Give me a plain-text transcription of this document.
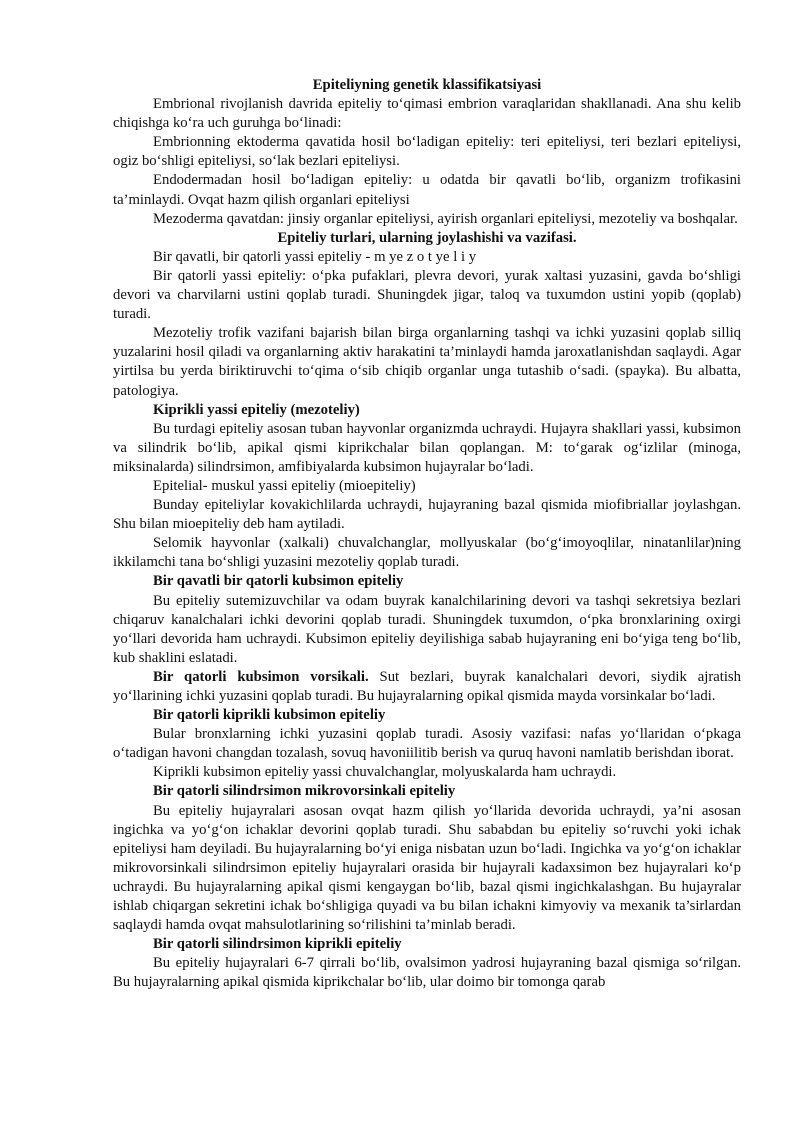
Epiteliyning genetik klassifikatsiyasi

Embrional rivojlanish davrida epiteliy to‘qimasi embrion varaqlaridan shakllanadi. Ana shu kelib chiqishga ko‘ra uch guruhga bo‘linadi:

Embrionning ektoderma qavatida hosil bo‘ladigan epiteliy: teri epiteliysi, teri bezlari epiteliysi, ogiz bo‘shligi epiteliysi, so‘lak bezlari epiteliysi.

Endodermadan hosil bo‘ladigan epiteliy: u odatda bir qavatli bo‘lib, organizm trofikasini ta’minlaydi. Ovqat hazm qilish organlari epiteliysi

Mezoderma qavatdan: jinsiy organlar epiteliysi, ayirish organlari epiteliysi, mezoteliy va boshqalar.

Epiteliy turlari, ularning joylashishi va vazifasi.

Bir qavatli, bir qatorli yassi epiteliy - m ye z o t ye l i y

Bir qatorli yassi epiteliy: o‘pka pufaklari, plevra devori, yurak xaltasi yuzasini, gavda bo‘shligi devori va charvilarni ustini qoplab turadi. Shuningdek jigar, taloq va tuxumdon ustini yopib (qoplab) turadi.

Mezoteliy trofik vazifani bajarish bilan birga organlarning tashqi va ichki yuzasini qoplab silliq yuzalarini hosil qiladi va organlarning aktiv harakatini ta’minlaydi hamda jaroxatlanishdan saqlaydi. Agar yirtilsa bu yerda biriktiruvchi to‘qima o‘sib chiqib organlar unga tutashib o‘sadi. (spayka). Bu albatta, patologiya.

Kiprikli yassi epiteliy (mezoteliy)

Bu turdagi epiteliy asosan tuban hayvonlar organizmda uchraydi. Hujayra shakllari yassi, kubsimon va silindrik bo‘lib, apikal qismi kiprikchalar bilan qoplangan. M: to‘garak og‘izlilar (minoga, miksinalarda) silindrsimon, amfibiyalarda kubsimon hujayralar bo‘ladi.

Epitelial- muskul yassi epiteliy (mioepiteliy)

Bunday epiteliylar kovakichlilarda uchraydi, hujayraning bazal qismida miofibriallar joylashgan. Shu bilan mioepiteliy deb ham aytiladi.

Selomik hayvonlar (xalkali) chuvalchanglar, mollyuskalar (bo‘g‘imoyoqlilar, ninatanlilar)ning ikkilamchi tana bo‘shligi yuzasini mezoteliy qoplab turadi.

Bir qavatli bir qatorli kubsimon epiteliy

Bu epiteliy sutemizuvchilar va odam buyrak kanalchilarining devori va tashqi sekretsiya bezlari chiqaruv kanalchalari ichki devorini qoplab turadi. Shuningdek tuxumdon, o‘pka bronxlarining oxirgi yo‘llari devorida ham uchraydi. Kubsimon epiteliy deyilishiga sabab hujayraning eni bo‘yiga teng bo‘lib, kub shaklini eslatadi.

Bir qatorli kubsimon vorsikali. Sut bezlari, buyrak kanalchalari devori, siydik ajratish yo‘llarining ichki yuzasini qoplab turadi. Bu hujayralarning opikal qismida mayda vorsinkalar bo‘ladi.

Bir qatorli kiprikli kubsimon epiteliy

Bular bronxlarning ichki yuzasini qoplab turadi. Asosiy vazifasi: nafas yo‘llaridan o‘pkaga o‘tadigan havoni changdan tozalash, sovuq havoniilitib berish va quruq havoni namlatib berishdan iborat.

Kiprikli kubsimon epiteliy yassi chuvalchanglar, molyuskalarda ham uchraydi.

Bir qatorli silindrsimon mikrovorsinkali epiteliy

Bu epiteliy hujayralari asosan ovqat hazm qilish yo‘llarida devorida uchraydi, ya’ni asosan ingichka va yo‘g‘on ichaklar devorini qoplab turadi. Shu sababdan bu epiteliy so‘ruvchi yoki ichak epiteliysi ham deyiladi. Bu hujayralarning bo‘yi eniga nisbatan uzun bo‘ladi. Ingichka va yo‘g‘on ichaklar mikrovorsinkali silindrsimon epiteliy hujayralari orasida bir hujayrali kadaxsimon bez hujayralari ko‘p uchraydi. Bu hujayralarning apikal qismi kengaygan bo‘lib, bazal qismi ingichkalashgan. Bu hujayralar ishlab chiqargan sekretini ichak bo‘shligiga quyadi va bu bilan ichakni kimyoviy va mexanik ta’sirlardan saqlaydi hamda ovqat mahsulotlarining so‘rilishini ta’minlab beradi.

Bir qatorli silindrsimon kiprikli epiteliy

Bu epiteliy hujayralari 6-7 qirrali bo‘lib, ovalsimon yadrosi hujayraning bazal qismiga so‘rilgan. Bu hujayralarning apikal qismida kiprikchalar bo‘lib, ular doimo bir tomonga qarab
